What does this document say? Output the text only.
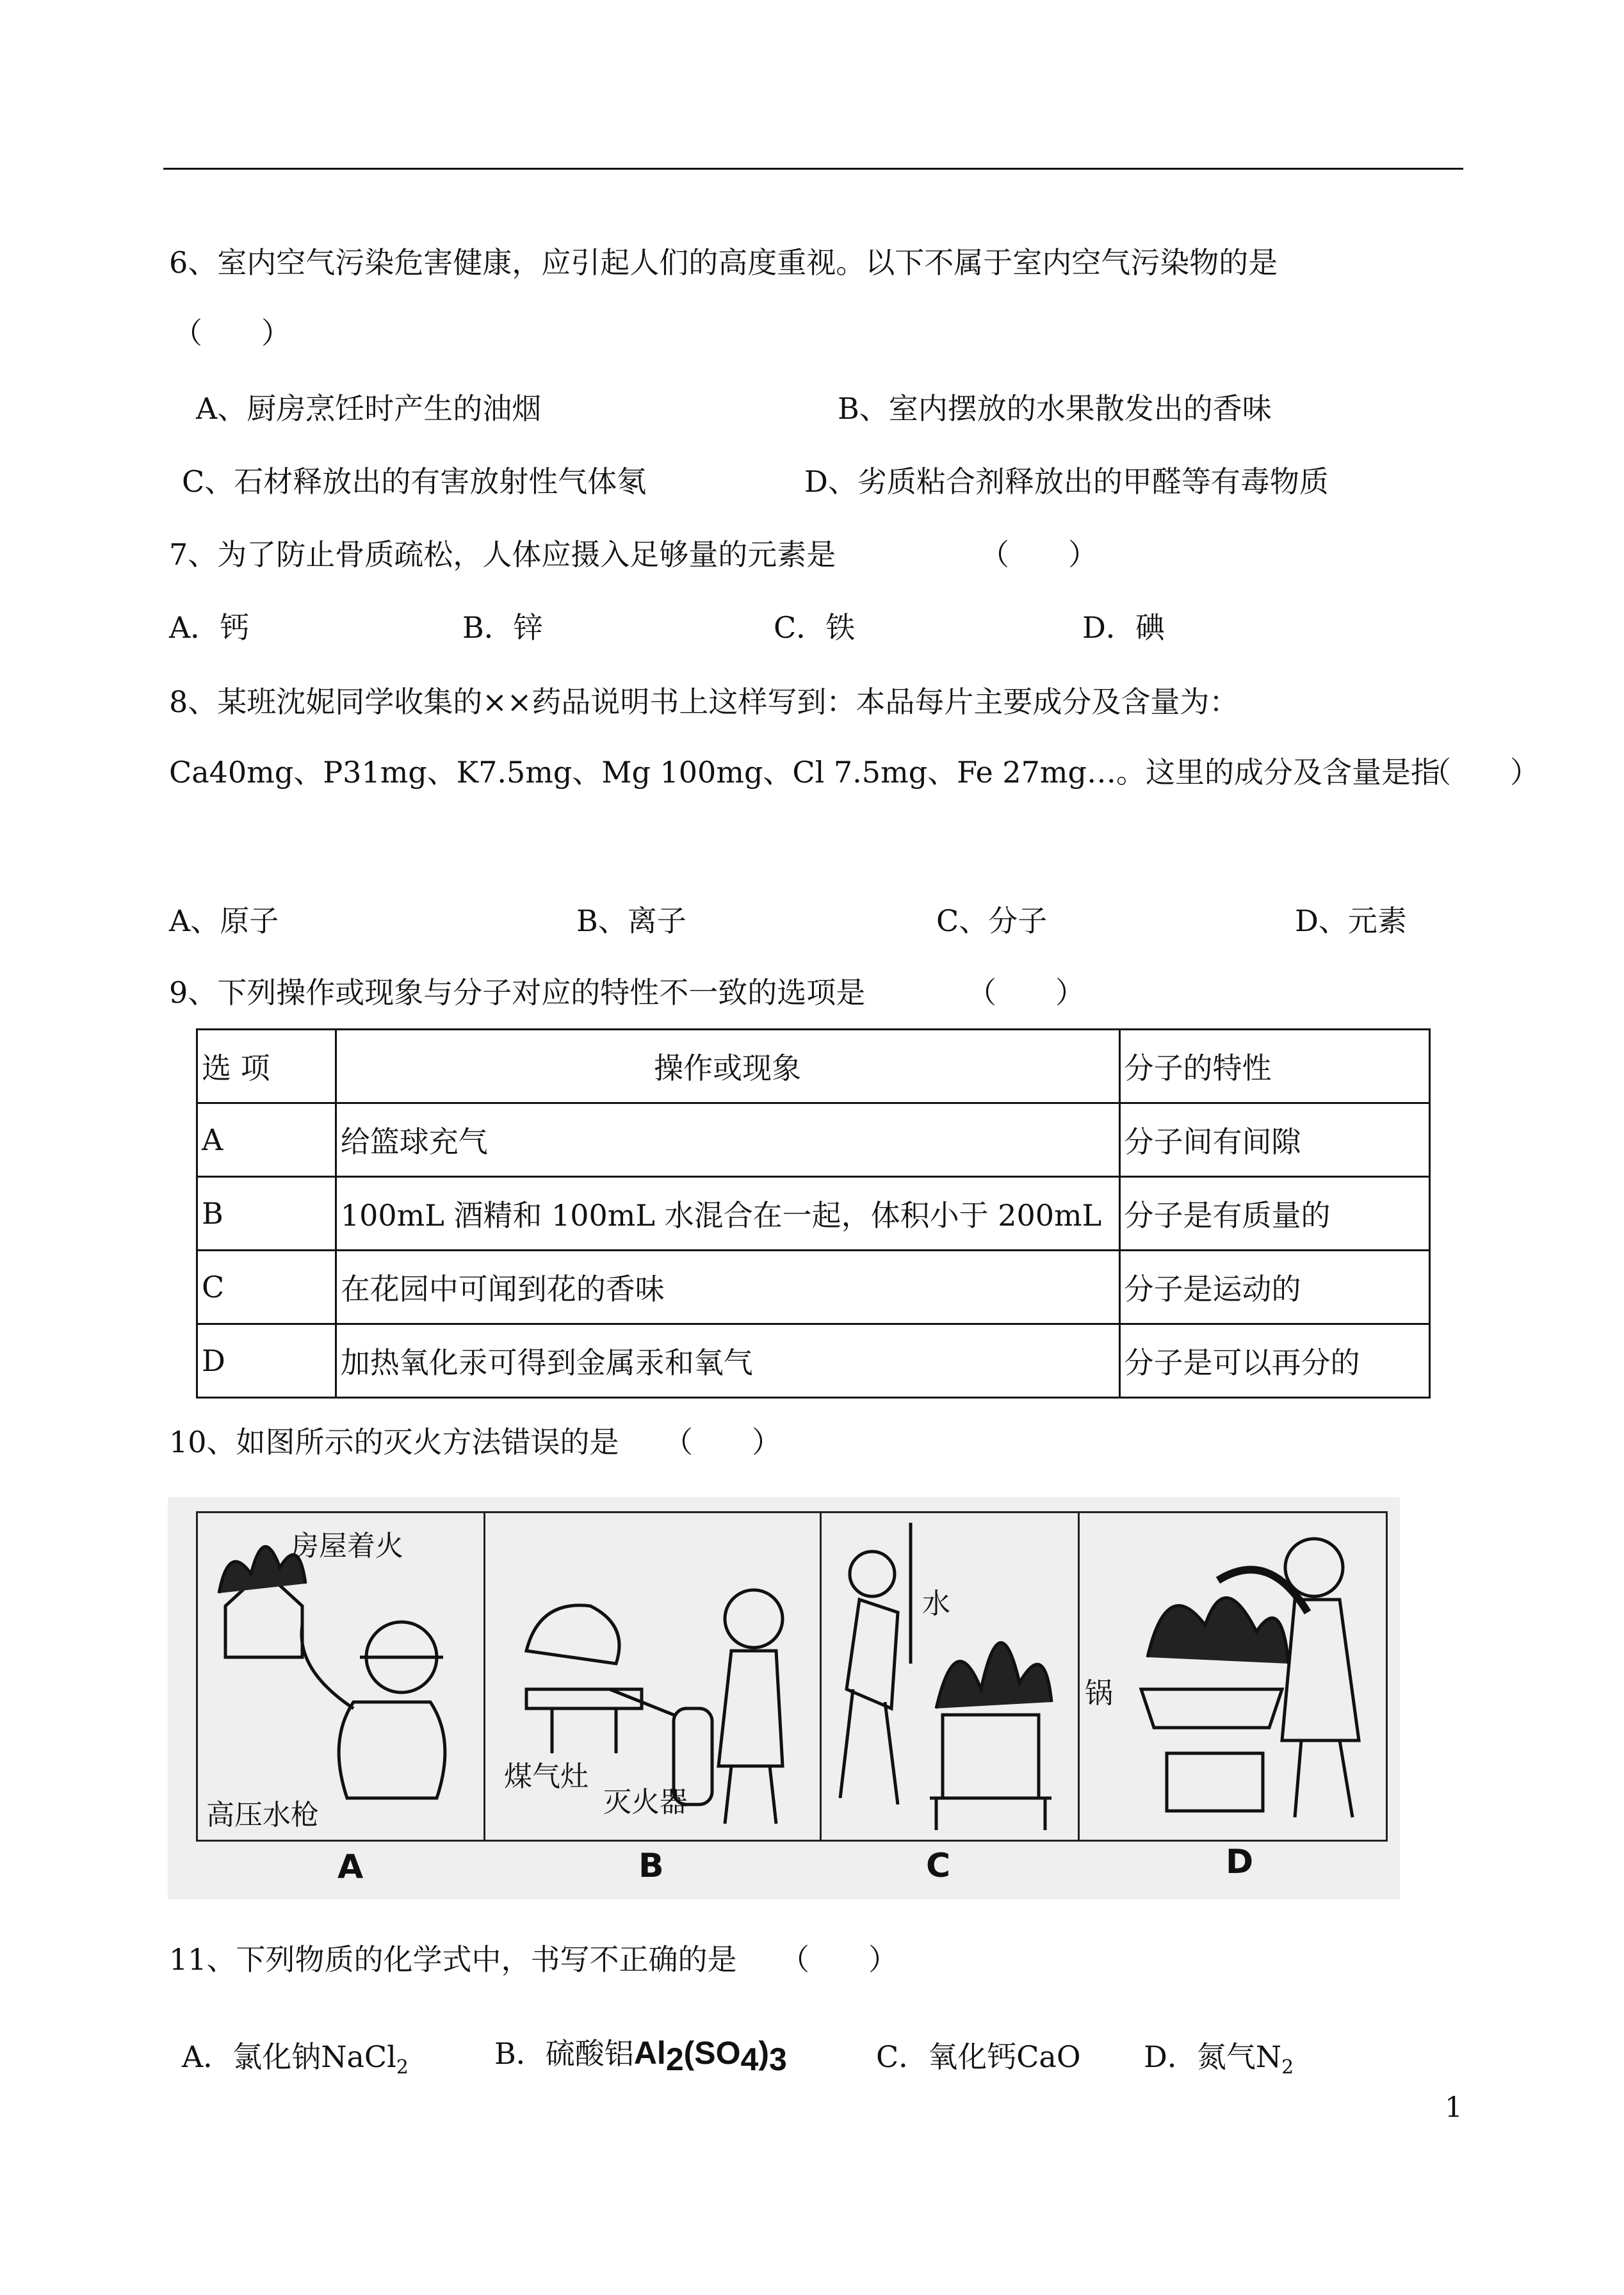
6、室内空气污染危害健康，应引起人们的高度重视。以下不属于室内空气污染物的是
（　　）
A、厨房烹饪时产生的油烟	B、室内摆放的水果散发出的香味
C、石材释放出的有害放射性气体氡	D、劣质粘合剂释放出的甲醛等有毒物质
7、为了防止骨质疏松，人体应摄入足够量的元素是	（　　）
A．钙	B．锌	C．铁	D．碘
8、某班沈妮同学收集的××药品说明书上这样写到：本品每片主要成分及含量为：
Ca40mg、P31mg、K7.5mg、Mg 100mg、Cl 7.5mg、Fe 27mg…。这里的成分及含量是指
（　　）
A、原子	B、离子	C、分子	D、元素
9、下列操作或现象与分子对应的特性不一致的选项是	（　　）
选 项	操作或现象	分子的特性
A	给篮球充气	分子间有间隙
B	100mL 酒精和 100mL 水混合在一起，体积小于 200mL	分子是有质量的
C	在花园中可闻到花的香味	分子是运动的
D	加热氧化汞可得到金属汞和氧气	分子是可以再分的
10、如图所示的灭火方法错误的是 （　　）
房屋着火
高压水枪
煤气灶
灭火器
水
锅
A	B	C	D
11、下列物质的化学式中，书写不正确的是 （　　）
A．氯化钠NaCl$_2$	B．硫酸铝$Al_2(SO_4)_3$	C．氧化钙CaO D．氮气$N_2$
1
